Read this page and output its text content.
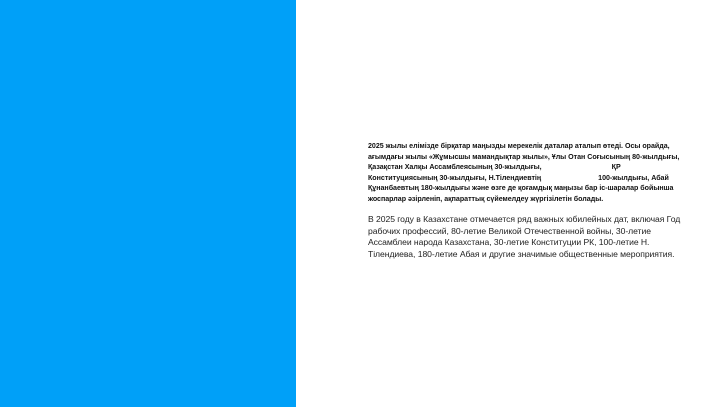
2025 жылы елімізде бірқатар маңызды мерекелік даталар аталып өтеді. Осы орайда, ағымдағы жылы «Жұмысшы мамандықтар жылы», Ұлы Отан Соғысының 80-жылдығы, Қазақстан Халқы Ассамблеясының 30-жылдығы,	ҚР Конституциясының 30-жылдығы, Н.Тілендиевтің	100-жылдығы, Абай Құнанбаевтың 180-жылдығы және өзге де қоғамдық маңызы бар іс-шаралар бойынша жоспарлар әзірленіп, ақпараттық сүйемелдеу жүргізілетін болады.

В 2025 году в Казахстане отмечается ряд важных юбилейных дат, включая Год рабочих профессий, 80-летие Великой Отечественной войны, 30-летие Ассамблеи народа Казахстана, 30-летие Конституции РК, 100-летие Н. Тілендиева, 180-летие Абая и другие значимые общественные мероприятия.
